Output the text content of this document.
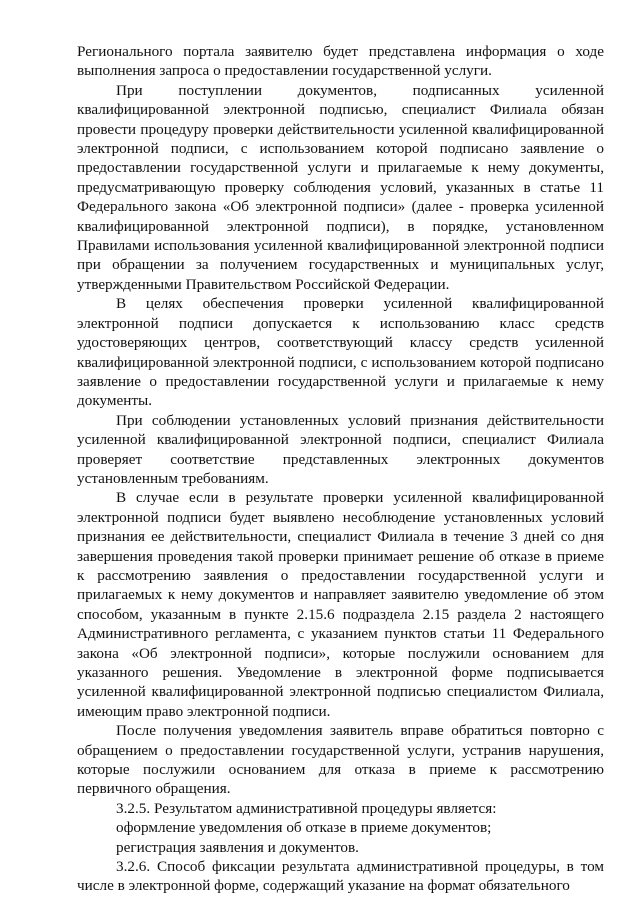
Регионального портала заявителю будет представлена информация о ходе выполнения запроса о предоставлении государственной услуги.

При поступлении документов, подписанных усиленной квалифицированной электронной подписью, специалист Филиала обязан провести процедуру проверки действительности усиленной квалифицированной электронной подписи, с использованием которой подписано заявление о предоставлении государственной услуги и прилагаемые к нему документы, предусматривающую проверку соблюдения условий, указанных в статье 11 Федерального закона «Об электронной подписи» (далее - проверка усиленной квалифицированной электронной подписи), в порядке, установленном Правилами использования усиленной квалифицированной электронной подписи при обращении за получением государственных и муниципальных услуг, утвержденными Правительством Российской Федерации.

В целях обеспечения проверки усиленной квалифицированной электронной подписи допускается к использованию класс средств удостоверяющих центров, соответствующий классу средств усиленной квалифицированной электронной подписи, с использованием которой подписано заявление о предоставлении государственной услуги и прилагаемые к нему документы.

При соблюдении установленных условий признания действительности усиленной квалифицированной электронной подписи, специалист Филиала проверяет соответствие представленных электронных документов установленным требованиям.

В случае если в результате проверки усиленной квалифицированной электронной подписи будет выявлено несоблюдение установленных условий признания ее действительности, специалист Филиала в течение 3 дней со дня завершения проведения такой проверки принимает решение об отказе в приеме к рассмотрению заявления о предоставлении государственной услуги и прилагаемых к нему документов и направляет заявителю уведомление об этом способом, указанным в пункте 2.15.6 подраздела 2.15 раздела 2 настоящего Административного регламента, с указанием пунктов статьи 11 Федерального закона «Об электронной подписи», которые послужили основанием для указанного решения. Уведомление в электронной форме подписывается усиленной квалифицированной электронной подписью специалистом Филиала, имеющим право электронной подписи.

После получения уведомления заявитель вправе обратиться повторно с обращением о предоставлении государственной услуги, устранив нарушения, которые послужили основанием для отказа в приеме к рассмотрению первичного обращения.

3.2.5. Результатом административной процедуры является:

оформление уведомления об отказе в приеме документов;

регистрация заявления и документов.

3.2.6. Способ фиксации результата административной процедуры, в том числе в электронной форме, содержащий указание на формат обязательного
